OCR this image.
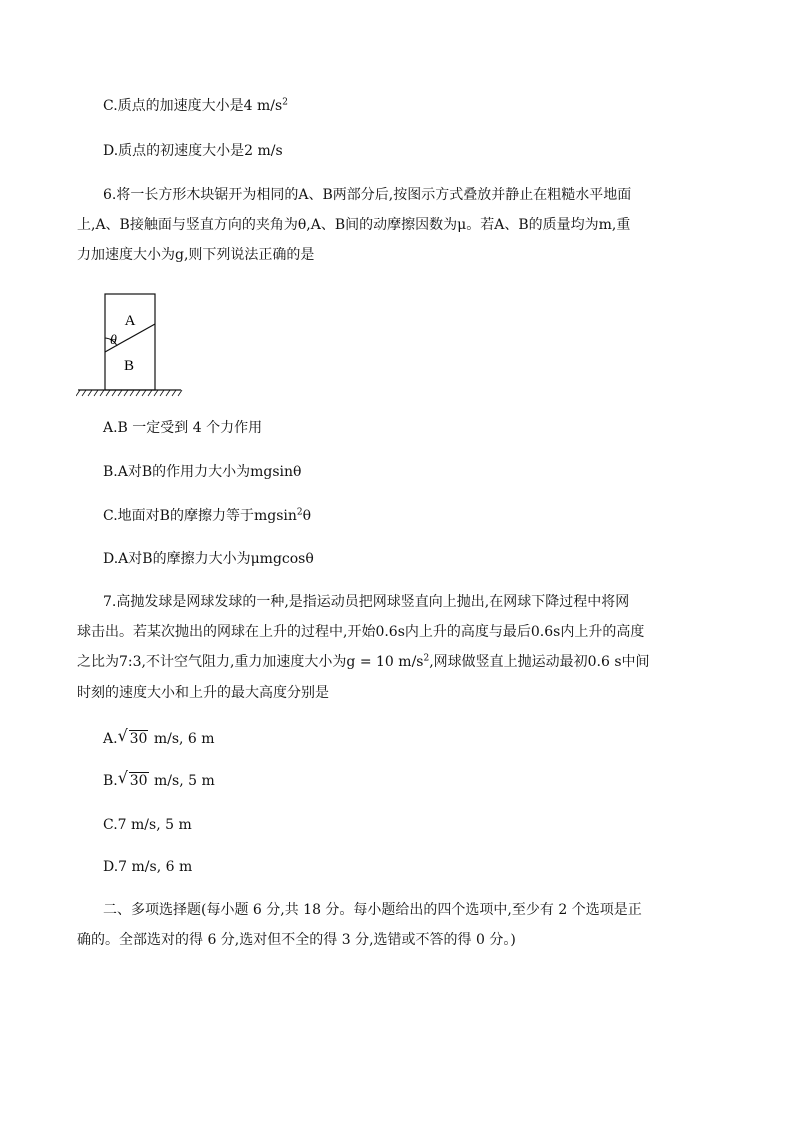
C.质点的加速度大小是4 $m/s^2$
D.质点的初速度大小是2 m/s
6.将一长方形木块锯开为相同的A、B两部分后,按图示方式叠放并静止在粗糙水平地面
上,A、B接触面与竖直方向的夹角为θ,A、B间的动摩擦因数为μ。若A、B的质量均为m,重
力加速度大小为g,则下列说法正确的是
A
B
θ
A.B 一定受到 4 个力作用
B.A对B的作用力大小为mgsinθ
C.地面对B的摩擦力等于mgsin$^2$θ
D.A对B的摩擦力大小为μmgcosθ
7.高抛发球是网球发球的一种,是指运动员把网球竖直向上抛出,在网球下降过程中将网
球击出。若某次抛出的网球在上升的过程中,开始0.6s内上升的高度与最后0.6s内上升的高度
之比为7:3,不计空气阻力,重力加速度大小为g = 10 $m/s^2$,网球做竖直上抛运动最初0.6 s中间
时刻的速度大小和上升的最大高度分别是
A. √ 30 m/s, 6 m
B. √ 30 m/s, 5 m
C.7 m/s, 5 m
D.7 m/s, 6 m
二、多项选择题(每小题 6 分,共 18 分。每小题给出的四个选项中,至少有 2 个选项是正
确的。全部选对的得 6 分,选对但不全的得 3 分,选错或不答的得 0 分。)
